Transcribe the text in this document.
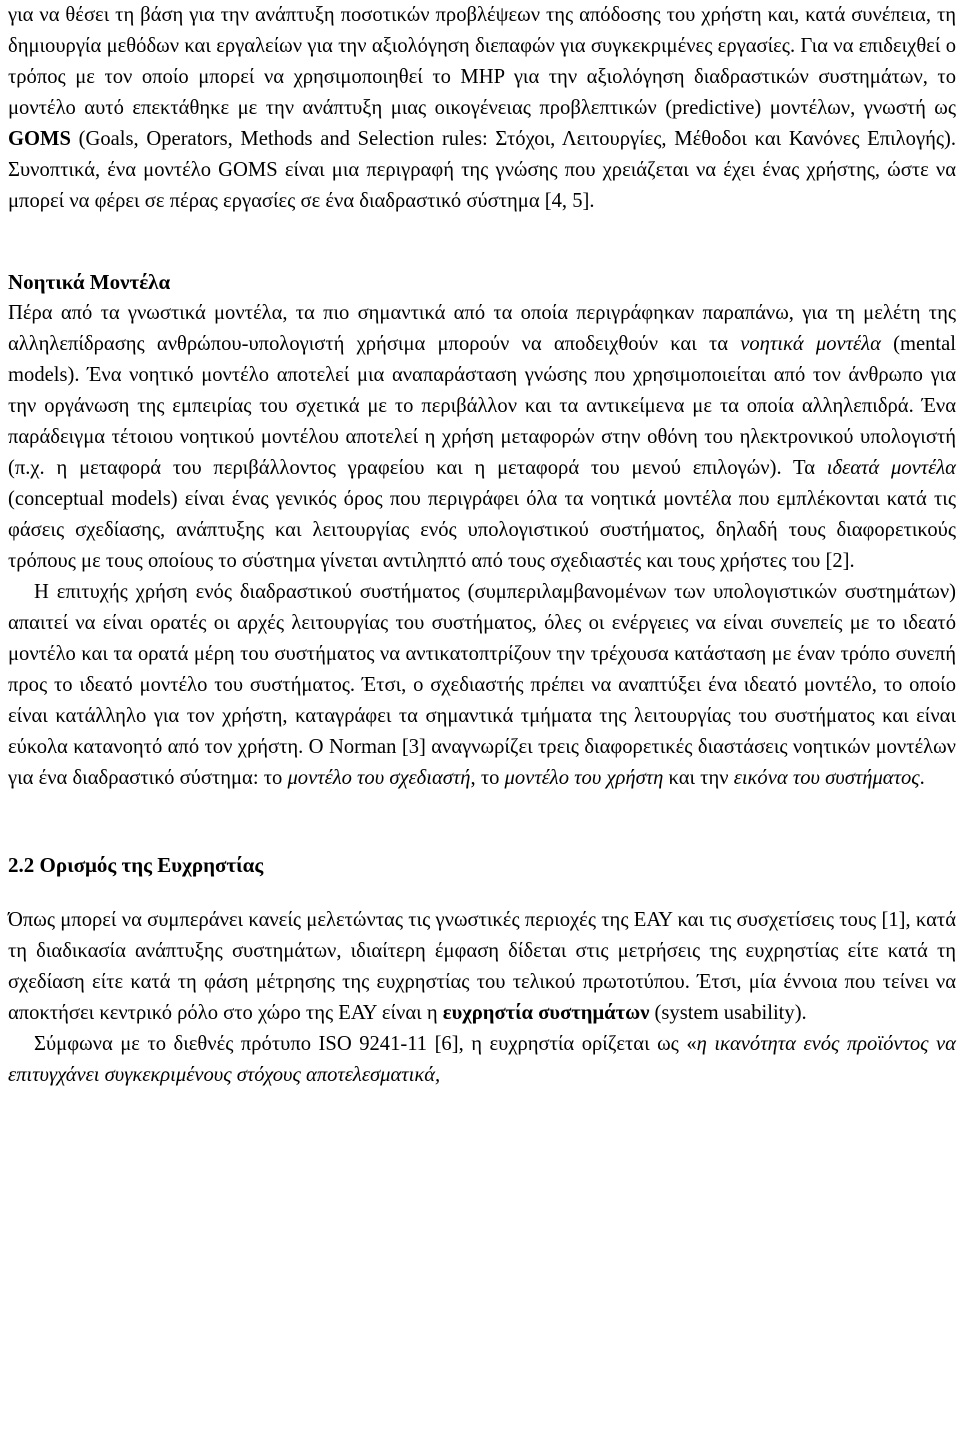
για να θέσει τη βάση για την ανάπτυξη ποσοτικών προβλέψεων της απόδοσης του χρήστη και, κατά συνέπεια, τη δημιουργία μεθόδων και εργαλείων για την αξιολόγηση διεπαφών για συγκεκριμένες εργασίες. Για να επιδειχθεί ο τρόπος με τον οποίο μπορεί να χρησιμοποιηθεί το MHP για την αξιολόγηση διαδραστικών συστημάτων, το μοντέλο αυτό επεκτάθηκε με την ανάπτυξη μιας οικογένειας προβλεπτικών (predictive) μοντέλων, γνωστή ως GOMS (Goals, Operators, Methods and Selection rules: Στόχοι, Λειτουργίες, Μέθοδοι και Κανόνες Επιλογής). Συνοπτικά, ένα μοντέλο GOMS είναι μια περιγραφή της γνώσης που χρειάζεται να έχει ένας χρήστης, ώστε να μπορεί να φέρει σε πέρας εργασίες σε ένα διαδραστικό σύστημα [4, 5].

Νοητικά Μοντέλα

Πέρα από τα γνωστικά μοντέλα, τα πιο σημαντικά από τα οποία περιγράφηκαν παραπάνω, για τη μελέτη της αλληλεπίδρασης ανθρώπου-υπολογιστή χρήσιμα μπορούν να αποδειχθούν και τα νοητικά μοντέλα (mental models). Ένα νοητικό μοντέλο αποτελεί μια αναπαράσταση γνώσης που χρησιμοποιείται από τον άνθρωπο για την οργάνωση της εμπειρίας του σχετικά με το περιβάλλον και τα αντικείμενα με τα οποία αλληλεπιδρά. Ένα παράδειγμα τέτοιου νοητικού μοντέλου αποτελεί η χρήση μεταφορών στην οθόνη του ηλεκτρονικού υπολογιστή (π.χ. η μεταφορά του περιβάλλοντος γραφείου και η μεταφορά του μενού επιλογών). Τα ιδεατά μοντέλα (conceptual models) είναι ένας γενικός όρος που περιγράφει όλα τα νοητικά μοντέλα που εμπλέκονται κατά τις φάσεις σχεδίασης, ανάπτυξης και λειτουργίας ενός υπολογιστικού συστήματος, δηλαδή τους διαφορετικούς τρόπους με τους οποίους το σύστημα γίνεται αντιληπτό από τους σχεδιαστές και τους χρήστες του [2].

Η επιτυχής χρήση ενός διαδραστικού συστήματος (συμπεριλαμβανομένων των υπολογιστικών συστημάτων) απαιτεί να είναι ορατές οι αρχές λειτουργίας του συστήματος, όλες οι ενέργειες να είναι συνεπείς με το ιδεατό μοντέλο και τα ορατά μέρη του συστήματος να αντικατοπτρίζουν την τρέχουσα κατάσταση με έναν τρόπο συνεπή προς το ιδεατό μοντέλο του συστήματος. Έτσι, ο σχεδιαστής πρέπει να αναπτύξει ένα ιδεατό μοντέλο, το οποίο είναι κατάλληλο για τον χρήστη, καταγράφει τα σημαντικά τμήματα της λειτουργίας του συστήματος και είναι εύκολα κατανοητό από τον χρήστη. Ο Norman [3] αναγνωρίζει τρεις διαφορετικές διαστάσεις νοητικών μοντέλων για ένα διαδραστικό σύστημα: το μοντέλο του σχεδιαστή, το μοντέλο του χρήστη και την εικόνα του συστήματος.

2.2 Ορισμός της Ευχρηστίας

Όπως μπορεί να συμπεράνει κανείς μελετώντας τις γνωστικές περιοχές της ΕΑΥ και τις συσχετίσεις τους [1], κατά τη διαδικασία ανάπτυξης συστημάτων, ιδιαίτερη έμφαση δίδεται στις μετρήσεις της ευχρηστίας είτε κατά τη σχεδίαση είτε κατά τη φάση μέτρησης της ευχρηστίας του τελικού πρωτοτύπου. Έτσι, μία έννοια που τείνει να αποκτήσει κεντρικό ρόλο στο χώρο της ΕΑΥ είναι η ευχρηστία συστημάτων (system usability).

Σύμφωνα με το διεθνές πρότυπο ISO 9241-11 [6], η ευχρηστία ορίζεται ως «η ικανότητα ενός προϊόντος να επιτυγχάνει συγκεκριμένους στόχους αποτελεσματικά,
